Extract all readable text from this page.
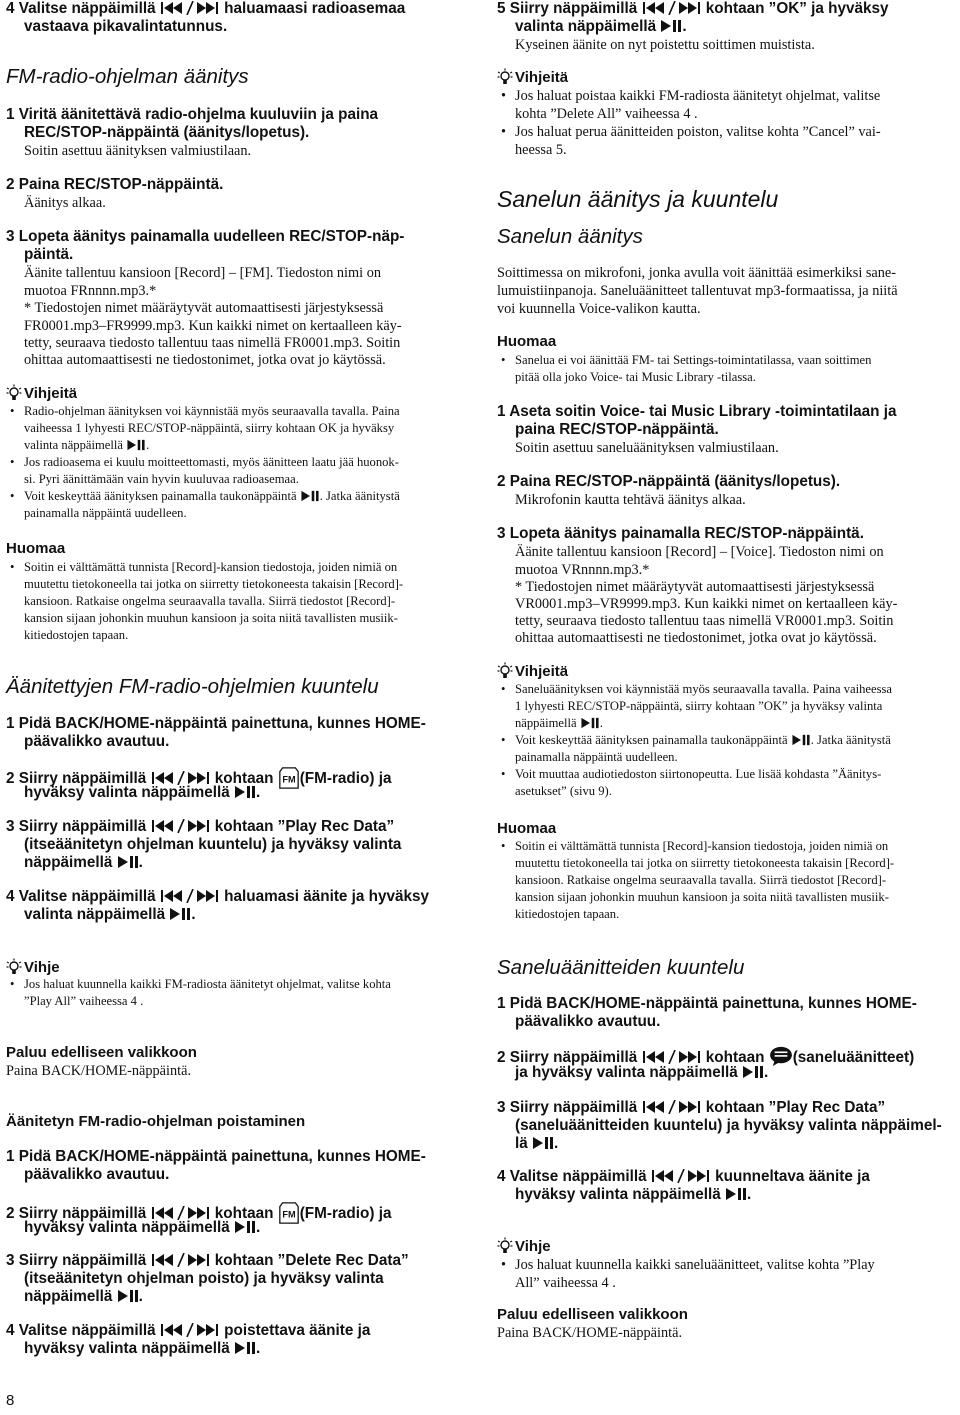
4 Valitse näppäimillä	haluamaasi radioasemaa
vastaava pikavalintatunnus.
FM-radio-ohjelman äänitys
1 Viritä äänitettävä radio-ohjelma kuuluviin ja paina
REC/STOP-näppäintä (äänitys/lopetus).
Soitin asettuu äänityksen valmiustilaan.
2 Paina REC/STOP-näppäintä.
Äänitys alkaa.
3 Lopeta äänitys painamalla uudelleen REC/STOP-näp-
päintä.
Äänite tallentuu kansioon [Record] – [FM]. Tiedoston nimi on
muotoa FRnnnn.mp3.*
* Tiedostojen nimet määräytyvät automaattisesti järjestyksessä
FR0001.mp3–FR9999.mp3. Kun kaikki nimet on kertaalleen käy-
tetty, seuraava tiedosto tallentuu taas nimellä FR0001.mp3. Soitin
ohittaa automaattisesti ne tiedostonimet, jotka ovat jo käytössä.
Vihjeitä
• Radio-ohjelman äänityksen voi käynnistää myös seuraavalla tavalla. Paina
vaiheessa 1 lyhyesti REC/STOP-näppäintä, siirry kohtaan OK ja hyväksy
valinta näppäimellä .
• Jos radioasema ei kuulu moitteettomasti, myös äänitteen laatu jää huonok-
si. Pyri äänittämään vain hyvin kuuluvaa radioasemaa.
• Voit keskeyttää äänityksen painamalla taukonäppäintä . Jatka äänitystä
painamalla näppäintä uudelleen.
Huomaa
• Soitin ei välttämättä tunnista [Record]-kansion tiedostoja, joiden nimiä on
muutettu tietokoneella tai jotka on siirretty tietokoneesta takaisin [Record]-
kansioon. Ratkaise ongelma seuraavalla tavalla. Siirrä tiedostot [Record]-
kansion sijaan johonkin muuhun kansioon ja soita niitä tavallisten musiik-
kitiedostojen tapaan.
Äänitettyjen FM-radio-ohjelmien kuuntelu
1 Pidä BACK/HOME-näppäintä painettuna, kunnes HOME-
päävalikko avautuu.
2 Siirry näppäimillä	kohtaan (FM-radio) ja
hyväksy valinta näppäimellä .
3 Siirry näppäimillä	kohtaan ”Play Rec Data”
(itseäänitetyn ohjelman kuuntelu) ja hyväksy valinta
näppäimellä .
4 Valitse näppäimillä	haluamasi äänite ja hyväksy
valinta näppäimellä .
Vihje
• Jos haluat kuunnella kaikki FM-radiosta äänitetyt ohjelmat, valitse kohta
”Play All” vaiheessa 4 .
Paluu edelliseen valikkoon
Paina BACK/HOME-näppäintä.
Äänitetyn FM-radio-ohjelman poistaminen
1 Pidä BACK/HOME-näppäintä painettuna, kunnes HOME-
päävalikko avautuu.
2 Siirry näppäimillä	kohtaan (FM-radio) ja
hyväksy valinta näppäimellä .
3 Siirry näppäimillä	kohtaan ”Delete Rec Data”
(itseäänitetyn ohjelman poisto) ja hyväksy valinta
näppäimellä .
4 Valitse näppäimillä	poistettava äänite ja
hyväksy valinta näppäimellä .
8
5 Siirry näppäimillä	kohtaan ”OK” ja hyväksy
valinta näppäimellä .
Kyseinen äänite on nyt poistettu soittimen muistista.
Vihjeitä
• Jos haluat poistaa kaikki FM-radiosta äänitetyt ohjelmat, valitse
kohta ”Delete All” vaiheessa 4 .
• Jos haluat perua äänitteiden poiston, valitse kohta ”Cancel” vai-
heessa 5.
Sanelun äänitys ja kuuntelu
Sanelun äänitys
Soittimessa on mikrofoni, jonka avulla voit äänittää esimerkiksi sane-
lumuistiinpanoja. Saneluäänitteet tallentuvat mp3-formaatissa, ja niitä
voi kuunnella Voice-valikon kautta.
Huomaa
• Sanelua ei voi äänittää FM- tai Settings-toimintatilassa, vaan soittimen
pitää olla joko Voice- tai Music Library -tilassa.
1 Aseta soitin Voice- tai Music Library -toimintatilaan ja
paina REC/STOP-näppäintä.
Soitin asettuu saneluäänityksen valmiustilaan.
2 Paina REC/STOP-näppäintä (äänitys/lopetus).
Mikrofonin kautta tehtävä äänitys alkaa.
3 Lopeta äänitys painamalla REC/STOP-näppäintä.
Äänite tallentuu kansioon [Record] – [Voice]. Tiedoston nimi on
muotoa VRnnnn.mp3.*
* Tiedostojen nimet määräytyvät automaattisesti järjestyksessä
VR0001.mp3–VR9999.mp3. Kun kaikki nimet on kertaalleen käy-
tetty, seuraava tiedosto tallentuu taas nimellä VR0001.mp3. Soitin
ohittaa automaattisesti ne tiedostonimet, jotka ovat jo käytössä.
Vihjeitä
• Saneluäänityksen voi käynnistää myös seuraavalla tavalla. Paina vaiheessa
1 lyhyesti REC/STOP-näppäintä, siirry kohtaan ”OK” ja hyväksy valinta
näppäimellä .
• Voit keskeyttää äänityksen painamalla taukonäppäintä . Jatka äänitystä
painamalla näppäintä uudelleen.
• Voit muuttaa audiotiedoston siirtonopeutta. Lue lisää kohdasta ”Äänitys-
asetukset” (sivu 9).
Huomaa
• Soitin ei välttämättä tunnista [Record]-kansion tiedostoja, joiden nimiä on
muutettu tietokoneella tai jotka on siirretty tietokoneesta takaisin [Record]-
kansioon. Ratkaise ongelma seuraavalla tavalla. Siirrä tiedostot [Record]-
kansion sijaan johonkin muuhun kansioon ja soita niitä tavallisten musiik-
kitiedostojen tapaan.
Saneluäänitteiden kuuntelu
1 Pidä BACK/HOME-näppäintä painettuna, kunnes HOME-
päävalikko avautuu.
2 Siirry näppäimillä	kohtaan (saneluäänitteet)
ja hyväksy valinta näppäimellä .
3 Siirry näppäimillä	kohtaan ”Play Rec Data”
(saneluäänitteiden kuuntelu) ja hyväksy valinta näppäimel-
lä .
4 Valitse näppäimillä	kuunneltava äänite ja
hyväksy valinta näppäimellä .
Vihje
• Jos haluat kuunnella kaikki saneluäänitteet, valitse kohta ”Play
All” vaiheessa 4 .
Paluu edelliseen valikkoon
Paina BACK/HOME-näppäintä.
